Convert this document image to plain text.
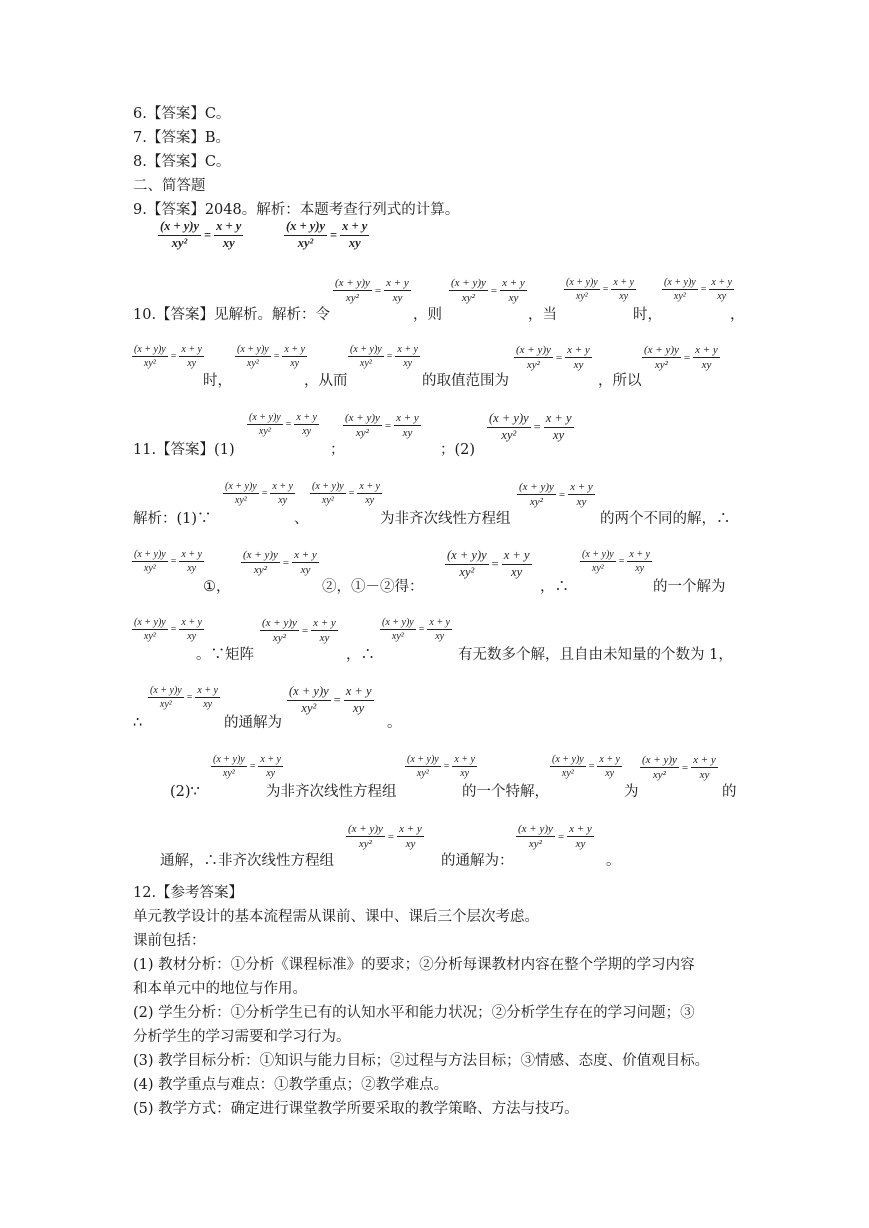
6.【答案】C。
7.【答案】B。
8.【答案】C。
二、简答题
9.【答案】2048。解析：本题考查行列式的计算。
$\frac{(x + y)y}{\text{xy²}} = \frac{x + y}{xy}$	$\frac{(x + y)y}{\text{xy²}} = \frac{x + y}{xy}$
10.【答案】见解析。解析：令
$\frac{(x + y)y}{\text{xy²}} = \frac{x + y}{xy}$
，则
$\frac{(x + y)y}{\text{xy²}} = \frac{x + y}{xy}$
，当
$\frac{(x + y)y}{\text{xy²}} = \frac{x + y}{xy}$
时，
$\frac{(x + y)y}{\text{xy²}} = \frac{x + y}{xy}$
，
$\frac{(x + y)y}{\text{xy²}} = \frac{x + y}{xy}$	$\frac{(x + y)y}{\text{xy²}} = \frac{x + y}{xy}$	$\frac{(x + y)y}{\text{xy²}} = \frac{x + y}{xy}$	$\frac{(x + y)y}{\text{xy²}} = \frac{x + y}{xy}$	$\frac{(x + y)y}{\text{xy²}} = \frac{x + y}{xy}$
时，	，从而	的取值范围为	，所以
11.【答案】(1)
$\frac{(x + y)y}{\text{xy²}} = \frac{x + y}{xy}$
；
$\frac{(x + y)y}{\text{xy²}} = \frac{x + y}{xy}$
；(2)
$\frac{(x + y)y}{\text{xy²}} = \frac{x + y}{xy}$
$\frac{(x + y)y}{\text{xy²}} = \frac{x + y}{xy} \frac{(x + y)y}{\text{xy²}} = \frac{x + y}{xy}$	$\frac{(x + y)y}{\text{xy²}} = \frac{x + y}{xy}$
解析：(1)∵	、	为非齐次线性方程组	的两个不同的解，∴
$\frac{(x + y)y}{\text{xy²}} = \frac{x + y}{xy}$	$\frac{(x + y)y}{\text{xy²}} = \frac{x + y}{xy}$	$\frac{(x + y)y}{\text{xy²}} = \frac{x + y}{xy}$	$\frac{(x + y)y}{\text{xy²}} = \frac{x + y}{xy}$
①，	②，①－②得：	，∴	的一个解为
$\frac{(x + y)y}{\text{xy²}} = \frac{x + y}{xy}$	$\frac{(x + y)y}{\text{xy²}} = \frac{x + y}{xy}$	$\frac{(x + y)y}{\text{xy²}} = \frac{x + y}{xy}$
。∵矩阵	，∴	有无数多个解，且自由未知量的个数为 1，
∴
$\frac{(x + y)y}{\text{xy²}} = \frac{x + y}{xy}$
的通解为
$\frac{(x + y)y}{\text{xy²}} = \frac{x + y}{xy}$
。
(2)∵
$\frac{(x + y)y}{\text{xy²}} = \frac{x + y}{xy}$
为非齐次线性方程组
$\frac{(x + y)y}{\text{xy²}} = \frac{x + y}{xy}$
的一个特解，
$\frac{(x + y)y}{\text{xy²}} = \frac{x + y}{xy}$
为
$\frac{(x + y)y}{\text{xy²}} = \frac{x + y}{xy}$
的
$\frac{(x + y)y}{\text{xy²}} = \frac{x + y}{xy}$	$\frac{(x + y)y}{\text{xy²}} = \frac{x + y}{xy}$
通解，∴非齐次线性方程组	的通解为：	。
12.【参考答案】
单元教学设计的基本流程需从课前、课中、课后三个层次考虑。
课前包括：
(1) 教材分析：①分析《课程标准》的要求；②分析每课教材内容在整个学期的学习内容
和本单元中的地位与作用。
(2) 学生分析：①分析学生已有的认知水平和能力状况；②分析学生存在的学习问题；③
分析学生的学习需要和学习行为。
(3) 教学目标分析：①知识与能力目标；②过程与方法目标；③情感、态度、价值观目标。
(4) 教学重点与难点：①教学重点；②教学难点。
(5) 教学方式：确定进行课堂教学所要采取的教学策略、方法与技巧。
